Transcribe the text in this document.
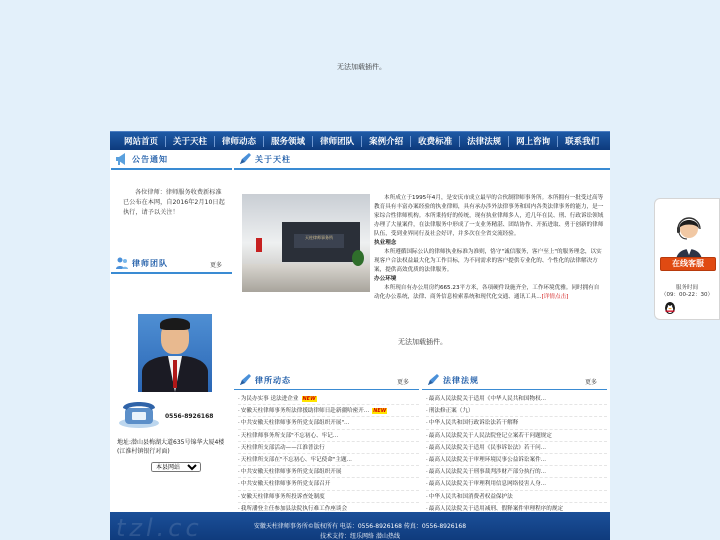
无法加载插件。
网站首页	关于天柱	律师动态	服务领域	律师团队	案例介绍	收费标准	法律法规	网上咨询	联系我们
公告通知
各位律师：律师服务收费新标准已公布在本网，自2016年2月10日起执行，请予以关注！
律师团队	更多
0556-8926168
地址:潜山县梅湖大道635号锦华大厦4楼(江淮村镇银行对面)
本县网站
关于天柱
天柱律师事务所

本所成立于1995年4月，是安庆市成立最早的合伙制律师事务所。本所拥有一批受过高等教育具有丰富办案经验的执业律师，具有承办涉外法律事务和国内各类法律事务的能力，是一家综合性律师机构。本所秉持好的传统，现有执业律师多人，近几年在民、刑、行政诉讼领域办理了大量案件，在法律服务中形成了一支业务精湛、团结协作、开拓进取、勇于创新的律师队伍，受到业界同行及社会好评，并多次在全省交流经验。

执业理念

本所遵循国际公认的律师执业标准为准则，恪守"诚信服务，客户至上"的服务理念，以实现客户合法权益最大化为工作目标，为不同需求的客户提供专业化的、个性化的法律解决方案，提供高效优质的法律服务。

办公环境

本所现自有办公用房约665.23平方米，各项硬件设施齐全，工作环境优雅。同时拥有自动化办公系统，法律、商务信息检索系统和现代化交通、通讯工具...[详情点击]

律所动态	更多
· 为民办实事 送法进企业 NEW
· 安徽天柱律师事务所法律援助律师日赴新疆哈密开... NEW
· 中共安徽天柱律师事务所党支部组织开展"...
· 天柱律师事务所支部"不忘初心、牢记...
· 天柱律所支部活动——江淮普法行
· 天柱律所支部在"不忘初心、牢记使命"主题...
· 中共安徽天柱律师事务所党支部组织开展
· 中共安徽天柱律师事务所党支部召开
· 安徽天柱律师事务所投诉查处制度
· 我所潘登主任参加县法院执行难工作座谈会
法律法规	更多
· 最高人民法院关于适用《中华人民共和国物权...
· 刑法修正案（九）
· 中华人民共和国行政诉讼法若干解释
· 最高人民法院关于人民法院登记立案若干问题规定
· 最高人民法院关于适用《民事诉讼法》若干问...
· 最高人民法院关于审理环境民事公益诉讼案件...
· 最高人民法院关于刑事裁判涉财产部分执行的...
· 最高人民法院关于审理利用信息网络侵害人身...
· 中华人民共和国消费者权益保护法
· 最高人民法院关于适用减刑、假释案件审理程序的规定
无法加载插件。
tzl.cc	安徽天柱律师事务所©版权所有 电话：0556-8926168 传真：0556-8926168
技术支持：纽乐网络 潜山热线
在线客服
服务时间
（09：00-22：30）
